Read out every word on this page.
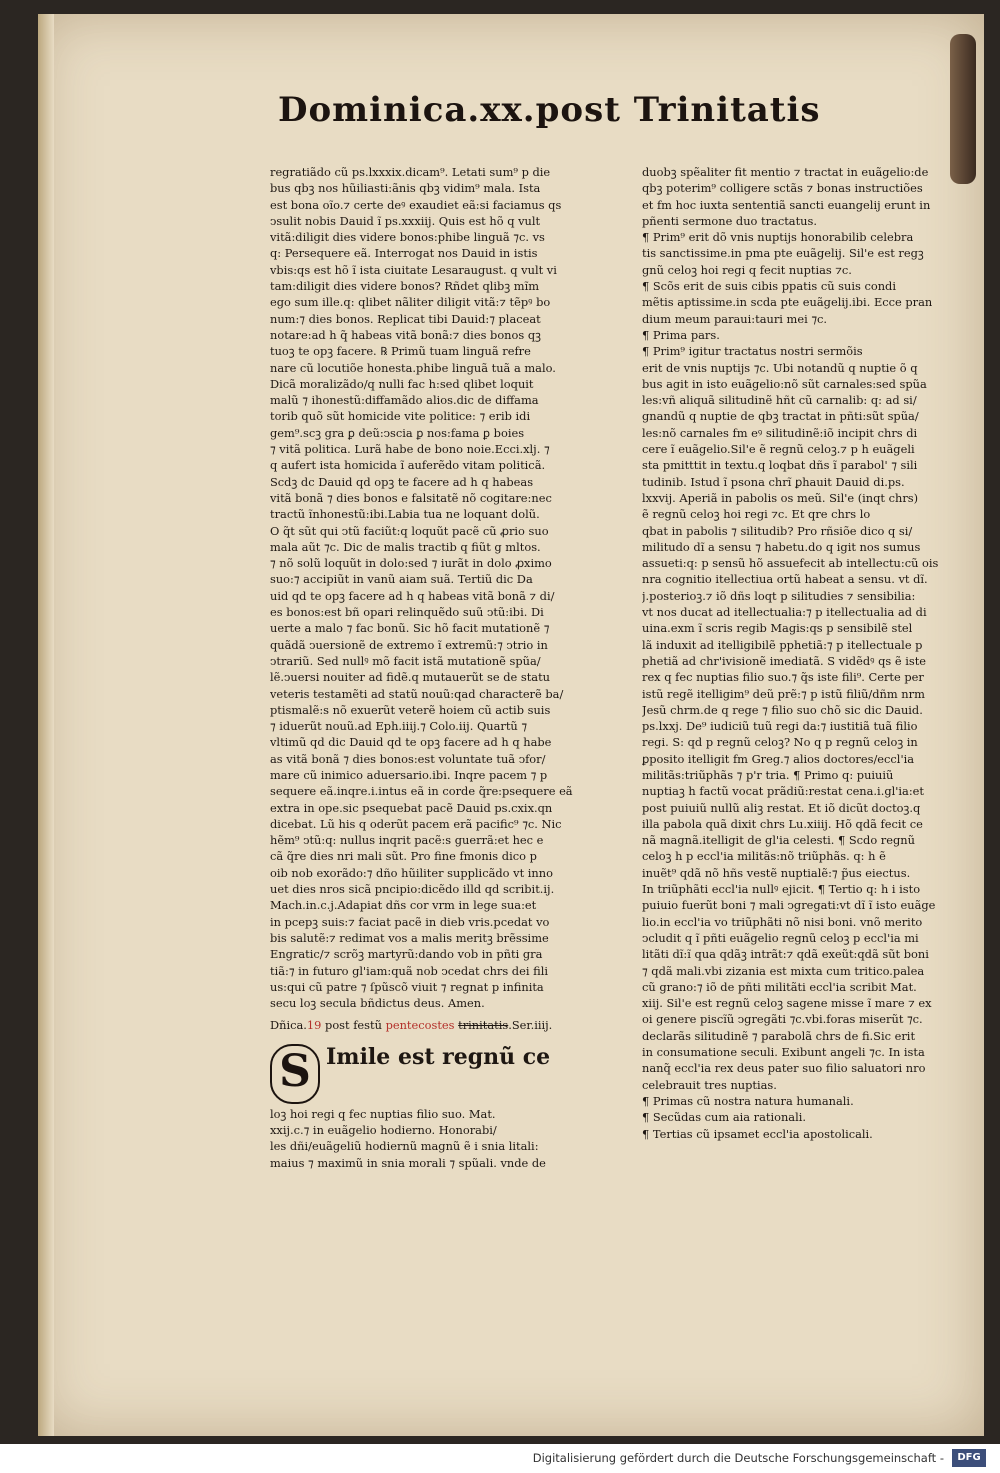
Dominica.xx.post Trinitatis
regratiãdo cũ ps.lxxxix.dicam⁹. Letati sum⁹ p die
bus qbꝫ nos hũiliasti:ãnis qbꝫ vidim⁹ mala. Ista
est bona oĩo.⁊ certe deꝰ exaudiet eã:si faciamus qs
ↄsulit nobis Dauid ĩ ps.xxxiij. Quis est hõ q vult
vitã:diligit dies videre bonos:phibe linguã ⁊c. vs
q: Persequere eã. Interrogat nos Dauid in istis
vbis:qs est hõ ĩ ista ciuitate Lesaraugust. q vult vi
tam:diligit dies videre bonos? Rñdet qlibꝫ mĩm
ego sum ille.q: qlibet nãliter diligit vitã:⁊ tẽpꝰ bo
num:⁊ dies bonos. Replicat tibi Dauid:⁊ placeat
notare:ad h q̃ habeas vitã bonã:⁊ dies bonos qꝫ
tuoꝫ te opꝫ facere. ℞ Primũ tuam linguã refre
nare cũ locutiõe honesta.phibe linguã tuã a malo.
Dicã moralizãdo/q nulli fac h:sed qlibet loquit
malũ ⁊ ihonestũ:diffamãdo alios.dic de diffama
torib quõ sũt homicide vite politice: ⁊ erib idi
gem⁹.scꝫ gra ꝑ deũ:ↄscia ꝑ nos:fama ꝑ boies
⁊ vitã politica. Lurã habe de bono noie.Ecci.xlj. ⁊
q aufert ista homicida ĩ auferẽdo vitam politicã.
Scdꝫ dc Dauid qd opꝫ te facere ad h q habeas
vitã bonã ⁊ dies bonos e falsitatẽ nõ cogitare:nec
tractũ ĩnhonestũ:ibi.Labia tua ne loquant dolũ.
O q̃t sũt qui ↄtũ faciũt:q loquũt pacẽ cũ ꝓrio suo
mala aũt ⁊c. Dic de malis tractib q fiũt g mltos.
⁊ nõ solũ loquũt in dolo:sed ⁊ iurãt in dolo ꝓximo
suo:⁊ accipiũt in vanũ aiam suã. Tertiũ dic Da
uid qd te opꝫ facere ad h q habeas vitã bonã ⁊ di/
es bonos:est bñ opari relinquẽdo suũ ↄtũ:ibi. Di
uerte a malo ⁊ fac bonũ. Sic hõ facit mutationẽ ⁊
quãdã ↄuersionẽ de extremo ĩ extremũ:⁊ ↄtrio in
ↄtrariũ. Sed nullꝰ mõ facit istã mutationẽ spũa/
lẽ.ↄuersi nouiter ad fidẽ.q mutauerũt se de statu
veteris testamẽti ad statũ nouũ:qad characterẽ ba/
ptismalẽ:s nõ exuerũt veterẽ hoiem cũ actib suis
⁊ iduerũt nouũ.ad Eph.iiij.⁊ Colo.iij. Quartũ ⁊
vltimũ qd dic Dauid qd te opꝫ facere ad h q habe
as vitã bonã ⁊ dies bonos:est voluntate tuã ↄfor/
mare cũ inimico aduersario.ibi. Inqre pacem ⁊ p
sequere eã.inqre.i.intus eã in corde q̃re:psequere eã
extra in ope.sic psequebat pacẽ Dauid ps.cxix.qn
dicebat. Lũ his q oderũt pacem erã pacific⁹ ⁊c. Nic
hẽm⁹ ↄtũ:q: nullus inqrit pacẽ:s guerrã:et hec e
cã q̃re dies nri mali sũt. Pro fine fmonis dico p
oib nob exorãdo:⁊ dño hũiliter supplicãdo vt inno
uet dies nros sicã pncipio:dicẽdo illd qd scribit.ij.
Mach.in.c.j.Adapiat dñs cor vrm in lege sua:et
in pcepꝫ suis:⁊ faciat pacẽ in dieb vris.pcedat vo
bis salutẽ:⁊ redimat vos a malis meritꝫ brẽssime
Engratic/⁊ scrõꝫ martyrũ:dando vob in pñti gra
tiã:⁊ in futuro gl'iam:quã nob ↄcedat chrs dei fili
us:qui cũ patre ⁊ ſpũscõ viuit ⁊ regnat p infinita
secu loꝫ secula bñdictus deus. Amen.
Dñica.19 post festũ pentecostes trinitatis.Ser.iiij.
S Imile est regnũ ce
loꝫ hoi regi q fec nuptias filio suo. Mat.
xxij.c.⁊ in euãgelio hodierno. Honorabi/
les dñi/euãgeliũ hodiernũ magnũ ẽ i snia litali:
maius ⁊ maximũ in snia morali ⁊ spũali. vnde de
duobꝫ spẽaliter fit mentio ⁊ tractat in euãgelio:de
qbꝫ poterim⁹ colligere sctãs ⁊ bonas instructiões
et fm hoc iuxta sententiã sancti euangelij erunt in
pñenti sermone duo tractatus.
¶ Prim⁹ erit dõ vnis nuptijs honorabilib celebra
tis sanctissime.in pma pte euãgelij. Sil'e est regꝫ
gnũ celoꝫ hoi regi q fecit nuptias ⁊c.
¶ Scõs erit de suis cibis ppatis cũ suis condi
mẽtis aptissime.in scda pte euãgelij.ibi. Ecce pran
dium meum paraui:tauri mei ⁊c.
¶ Prima pars.
¶ Prim⁹ igitur tractatus nostri sermõis
erit de vnis nuptijs ⁊c. Ubi notandũ q nuptie õ q
bus agit in isto euãgelio:nõ sũt carnales:sed spũa
les:vñ aliquã silitudinẽ hñt cũ carnalib: q: ad si/
gnandũ q nuptie de qbꝫ tractat in pñti:sũt spũa/
les:nõ carnales fm eꝰ silitudinẽ:iõ incipit chrs di
cere ĩ euãgelio.Sil'e ẽ regnũ celoꝫ.⁊ p h euãgeli
sta pmitttit in textu.q loqbat dñs ĩ parabol' ⁊ sili
tudinib. Istud ĩ psona chrĩ ꝑhauit Dauid di.ps.
lxxvij. Aperiã in pabolis os meũ. Sil'e (inqt chrs)
ẽ regnũ celoꝫ hoi regi ⁊c. Et qre chrs lo
qbat in pabolis ⁊ silitudib? Pro rñsiõe dico q si/
militudo dĩ a sensu ⁊ habetu.do q igit nos sumus
assueti:q: p sensũ hõ assuefecit ab intellectu:cũ ois
nra cognitio itellectiua ortũ habeat a sensu. vt dĩ.
j.posterioꝫ.⁊ iõ dñs loqt p silitudies ⁊ sensibilia:
vt nos ducat ad itellectualia:⁊ p itellectualia ad di
uina.exm ĩ scris regib Magis:qs p sensibilẽ stel
lã induxit ad itelligibilẽ pphetiã:⁊ p itellectuale p
phetiã ad chr'ivisionẽ imediatã. S vidẽdꝰ qs ẽ iste
rex q fec nuptias filio suo.⁊ q̃s iste fili⁹. Certe per
istũ regẽ itelligim⁹ deũ prẽ:⁊ p istũ filiũ/dñm nrm
Jesũ chrm.de q rege ⁊ filio suo chõ sic dic Dauid.
ps.lxxj. De⁹ iudiciũ tuũ regi da:⁊ iustitiã tuã filio
regi. S: qd p regnũ celoꝫ? No q p regnũ celoꝫ in
ꝑposito itelligit fm Greg.⁊ alios doctores/eccl'ia
militãs:triũphãs ⁊ p'r tria. ¶ Primo q: puiuiũ
nuptiaꝫ h factũ vocat prãdiũ:restat cena.i.gl'ia:et
post puiuiũ nullũ aliꝫ restat. Et iõ dicũt doctoꝫ.q
illa pabola quã dixit chrs Lu.xiiij. Hõ qdã fecit ce
nã magnã.itelligit de gl'ia celesti. ¶ Scdo regnũ
celoꝫ h p eccl'ia militãs:nõ triũphãs. q: h ẽ
inuẽt⁹ qdã nõ hñs vestẽ nuptialẽ:⁊ p̃us eiectus.
In triũphãti eccl'ia nullꝰ ejicit. ¶ Tertio q: h i isto
puiuio fuerũt boni ⁊ mali ↄgregati:vt dĩ ĩ isto euãge
lio.in eccl'ia vo triũphãti nõ nisi boni. vnõ merito
ↄcludit q ĩ pñti euãgelio regnũ celoꝫ p eccl'ia mi
litãti dĩ:ĩ qua qdãꝫ intrãt:⁊ qdã exeũt:qdã sũt boni
⁊ qdã mali.vbi zizania est mixta cum tritico.palea
cũ grano:⁊ iõ de pñti militãti eccl'ia scribit Mat.
xiij. Sil'e est regnũ celoꝫ sagene misse ĩ mare ⁊ ex
oi genere piscĩũ ↄgregãti ⁊c.vbi.foras miserũt ⁊c.
declarãs silitudinẽ ⁊ parabolã chrs de fi.Sic erit
in consumatione seculi. Exibunt angeli ⁊c. In ista
nanq̃ eccl'ia rex deus pater suo filio saluatori nro
celebrauit tres nuptias.
¶ Primas cũ nostra natura humanali.
¶ Secũdas cum aia rationali.
¶ Tertias cũ ipsamet eccl'ia apostolicali.
Digitalisierung gefördert durch die Deutsche Forschungsgemeinschaft -	DFG
